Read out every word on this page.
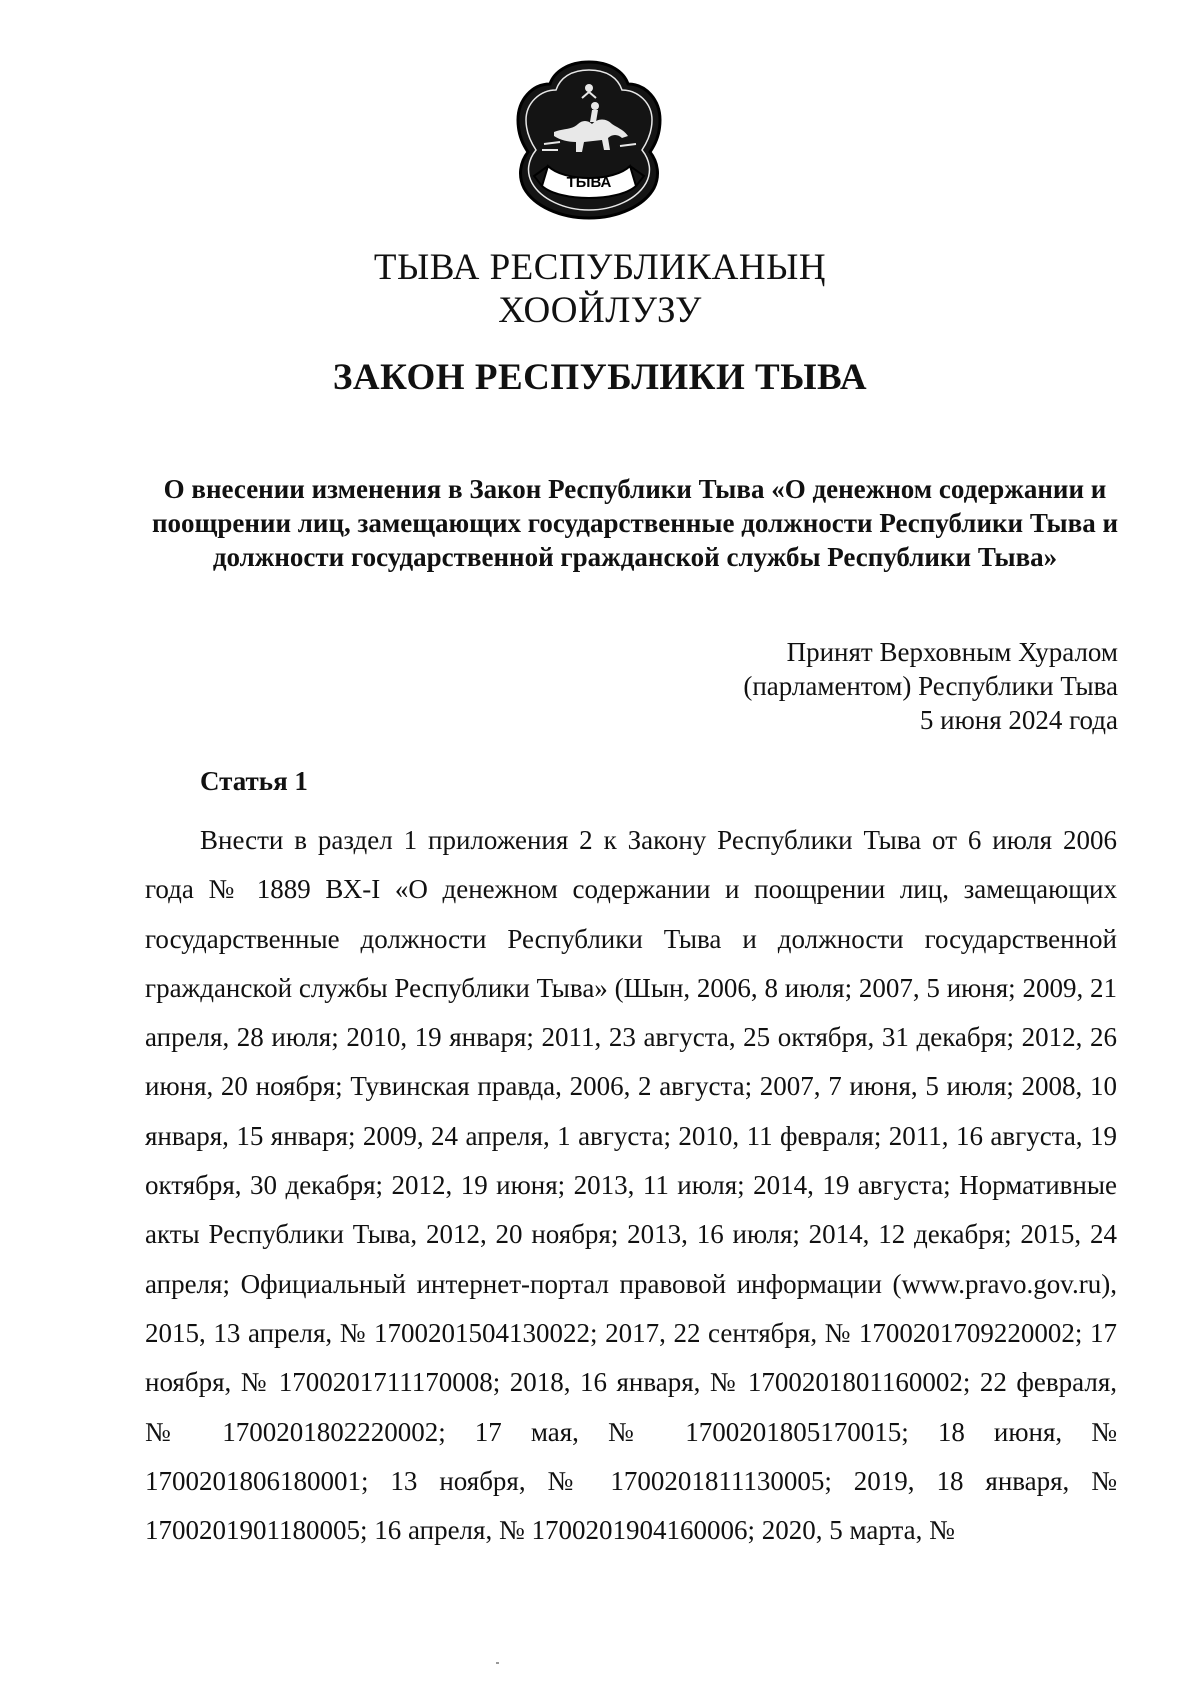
ТЫВА
ТЫВА РЕСПУБЛИКАНЫҢ
ХООЙЛУЗУ
ЗАКОН РЕСПУБЛИКИ ТЫВА

О внесении изменения в Закон Республики Тыва «О денежном содержании и поощрении лиц, замещающих государственные должности Республики Тыва и должности государственной гражданской службы Республики Тыва»

Принят Верховным Хуралом
(парламентом) Республики Тыва
5 июня 2024 года
Статья 1

Внести в раздел 1 приложения 2 к Закону Республики Тыва от 6 июля 2006 года № 1889 ВХ-I «О денежном содержании и поощрении лиц, замещающих государственные должности Республики Тыва и должности государственной гражданской службы Республики Тыва» (Шын, 2006, 8 июля; 2007, 5 июня; 2009, 21 апреля, 28 июля; 2010, 19 января; 2011, 23 августа, 25 октября, 31 декабря; 2012, 26 июня, 20 ноября; Тувинская правда, 2006, 2 августа; 2007, 7 июня, 5 июля; 2008, 10 января, 15 января; 2009, 24 апреля, 1 августа; 2010, 11 февраля; 2011, 16 августа, 19 октября, 30 декабря; 2012, 19 июня; 2013, 11 июля; 2014, 19 августа; Нормативные акты Республики Тыва, 2012, 20 ноября; 2013, 16 июля; 2014, 12 декабря; 2015, 24 апреля; Официальный интернет-портал правовой информации (www.pravo.gov.ru), 2015, 13 апреля, № 1700201504130022; 2017, 22 сентября, № 1700201709220002; 17 ноября, № 1700201711170008; 2018, 16 января, № 1700201801160002; 22 февраля, № 1700201802220002; 17 мая, № 1700201805170015; 18 июня, № 1700201806180001; 13 ноября, № 1700201811130005; 2019, 18 января, № 1700201901180005; 16 апреля, № 1700201904160006; 2020, 5 марта, №
